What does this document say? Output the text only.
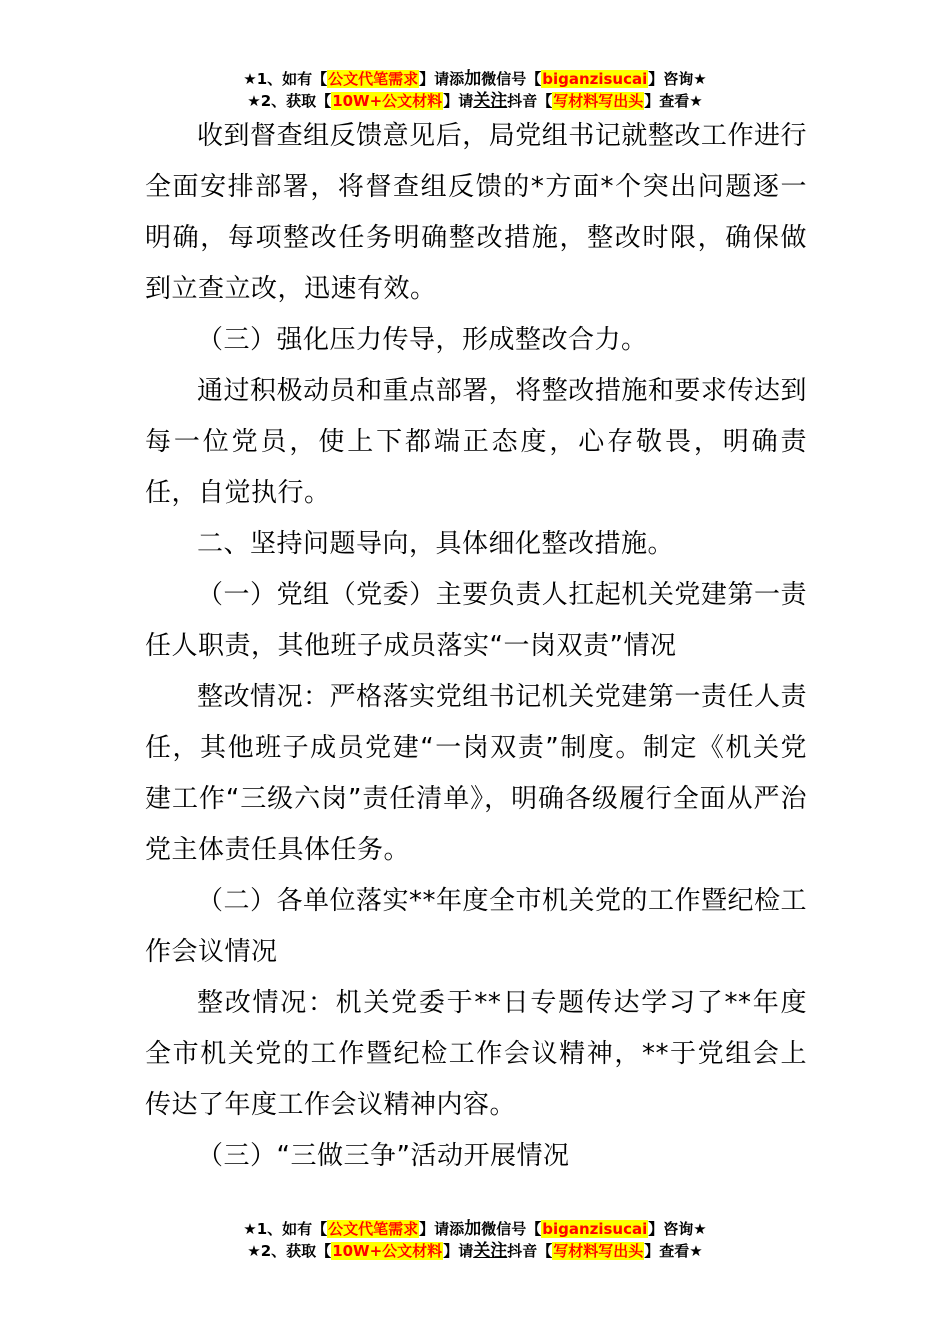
★1、如有【公文代笔需求】请添加微信号【biganzisucai】咨询★
★2、获取【10W+公文材料】请关注抖音【写材料写出头】查看★

收到督查组反馈意见后，局党组书记就整改工作进行全面安排部署，将督查组反馈的*方面*个突出问题逐一明确，每项整改任务明确整改措施，整改时限，确保做到立查立改，迅速有效。

（三）强化压力传导，形成整改合力。

通过积极动员和重点部署，将整改措施和要求传达到每一位党员，使上下都端正态度，心存敬畏，明确责任，自觉执行。

二、坚持问题导向，具体细化整改措施。

（一）党组（党委）主要负责人扛起机关党建第一责任人职责，其他班子成员落实“一岗双责”情况

整改情况：严格落实党组书记机关党建第一责任人责任，其他班子成员党建“一岗双责”制度。制定《机关党建工作“三级六岗”责任清单》，明确各级履行全面从严治党主体责任具体任务。

（二）各单位落实**年度全市机关党的工作暨纪检工作会议情况

整改情况：机关党委于**日专题传达学习了**年度全市机关党的工作暨纪检工作会议精神，**于党组会上传达了年度工作会议精神内容。

（三）“三做三争”活动开展情况

★1、如有【公文代笔需求】请添加微信号【biganzisucai】咨询★
★2、获取【10W+公文材料】请关注抖音【写材料写出头】查看★
